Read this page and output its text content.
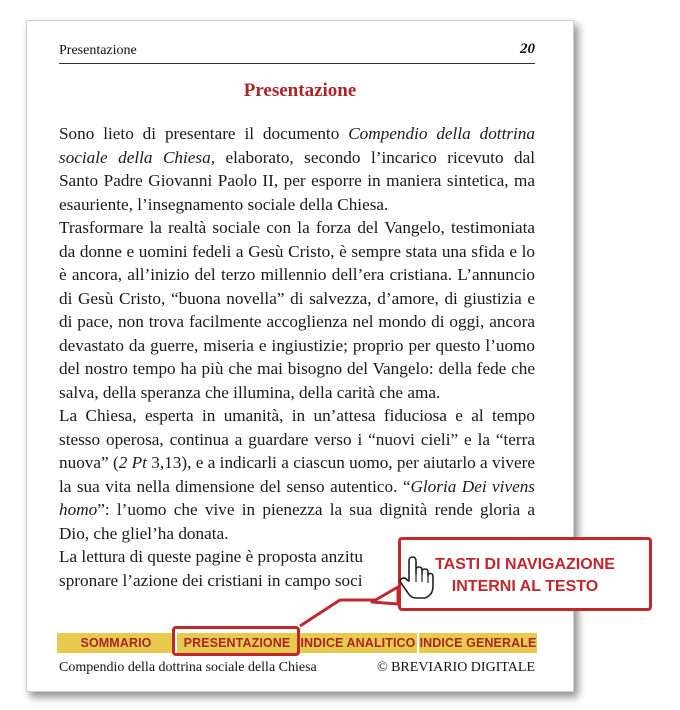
Presentazione	20
Presentazione

Sono lieto di presentare il documento Compendio della dottrina sociale della Chiesa, elaborato, secondo l’incarico ricevuto dal Santo Padre Giovanni Paolo II, per esporre in maniera sintetica, ma esauriente, l’insegnamento sociale della Chiesa.

Trasformare la realtà sociale con la forza del Vangelo, testimoniata da donne e uomini fedeli a Gesù Cristo, è sempre stata una sfida e lo è ancora, all’inizio del terzo millennio dell’era cristiana. L’annuncio di Gesù Cristo, “buona novella” di salvezza, d’amore, di giustizia e di pace, non trova facilmente accoglienza nel mondo di oggi, ancora devastato da guerre, miseria e ingiustizie; proprio per questo l’uomo del nostro tempo ha più che mai bisogno del Vangelo: della fede che salva, della speranza che illumina, della carità che ama.

La Chiesa, esperta in umanità, in un’attesa fiduciosa e al tempo stesso operosa, continua a guardare verso i “nuovi cieli” e la “terra nuova” (2 Pt 3,13), e a indicarli a ciascun uomo, per aiutarlo a vivere la sua vita nella dimensione del senso autentico. “Gloria Dei vivens homo”: l’uomo che vive in pienezza la sua dignità rende gloria a Dio, che gliel’ha donata.

La lettura di queste pagine è proposta anzitu
spronare l’azione dei cristiani in campo soci

SOMMARIO	PRESENTAZIONE INDICE ANALITICO INDICE GENERALE
Compendio della dottrina sociale della Chiesa	© BREVIARIO DIGITALE
TASTI DI NAVIGAZIONE
INTERNI AL TESTO
